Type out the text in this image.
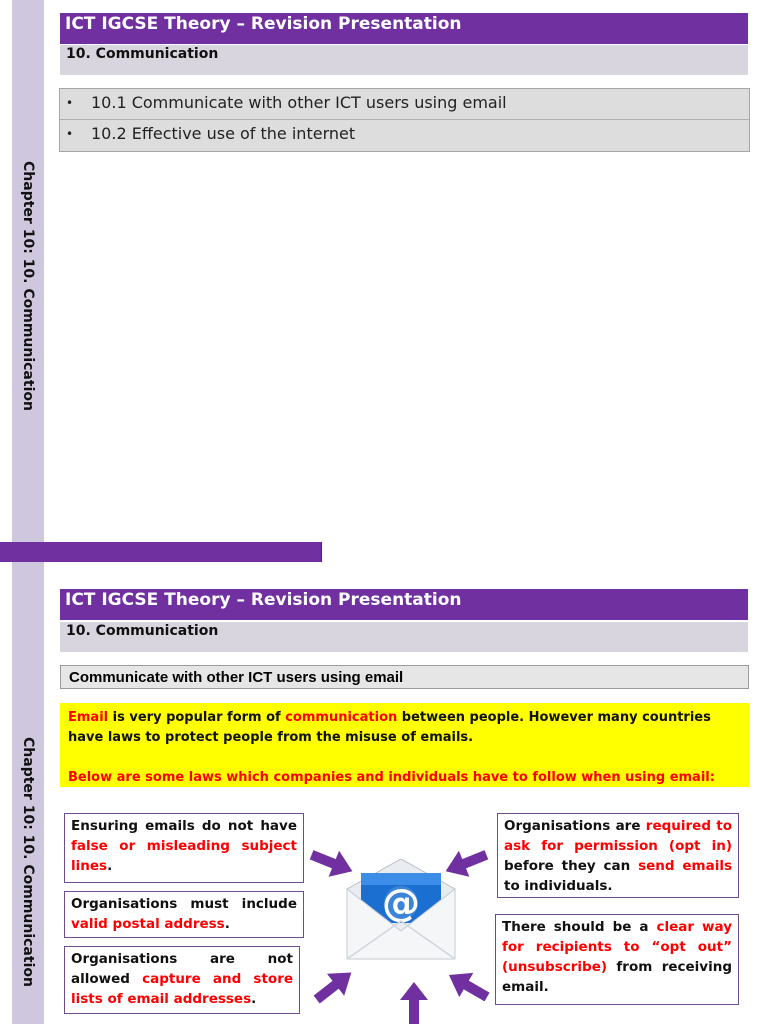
Chapter 10: 10. Communication
ICT IGCSE Theory – Revision Presentation
10. Communication
• 10.1 Communicate with other ICT users using email
• 10.2 Effective use of the internet
Chapter 10: 10. Communication
ICT IGCSE Theory – Revision Presentation
10. Communication
Communicate with other ICT users using email

Email is very popular form of communication between people. However many countries have laws to protect people from the misuse of emails.

Below are some laws which companies and individuals have to follow when using email:

Ensuring emails do not have false or misleading subject lines.
Organisations must include valid postal address.
Organisations are not allowed capture and store lists of email addresses.
Organisations are required to ask for permission (opt in) before they can send emails to individuals.
There should be a clear way for recipients to “opt out” (unsubscribe) from receiving email.
@
